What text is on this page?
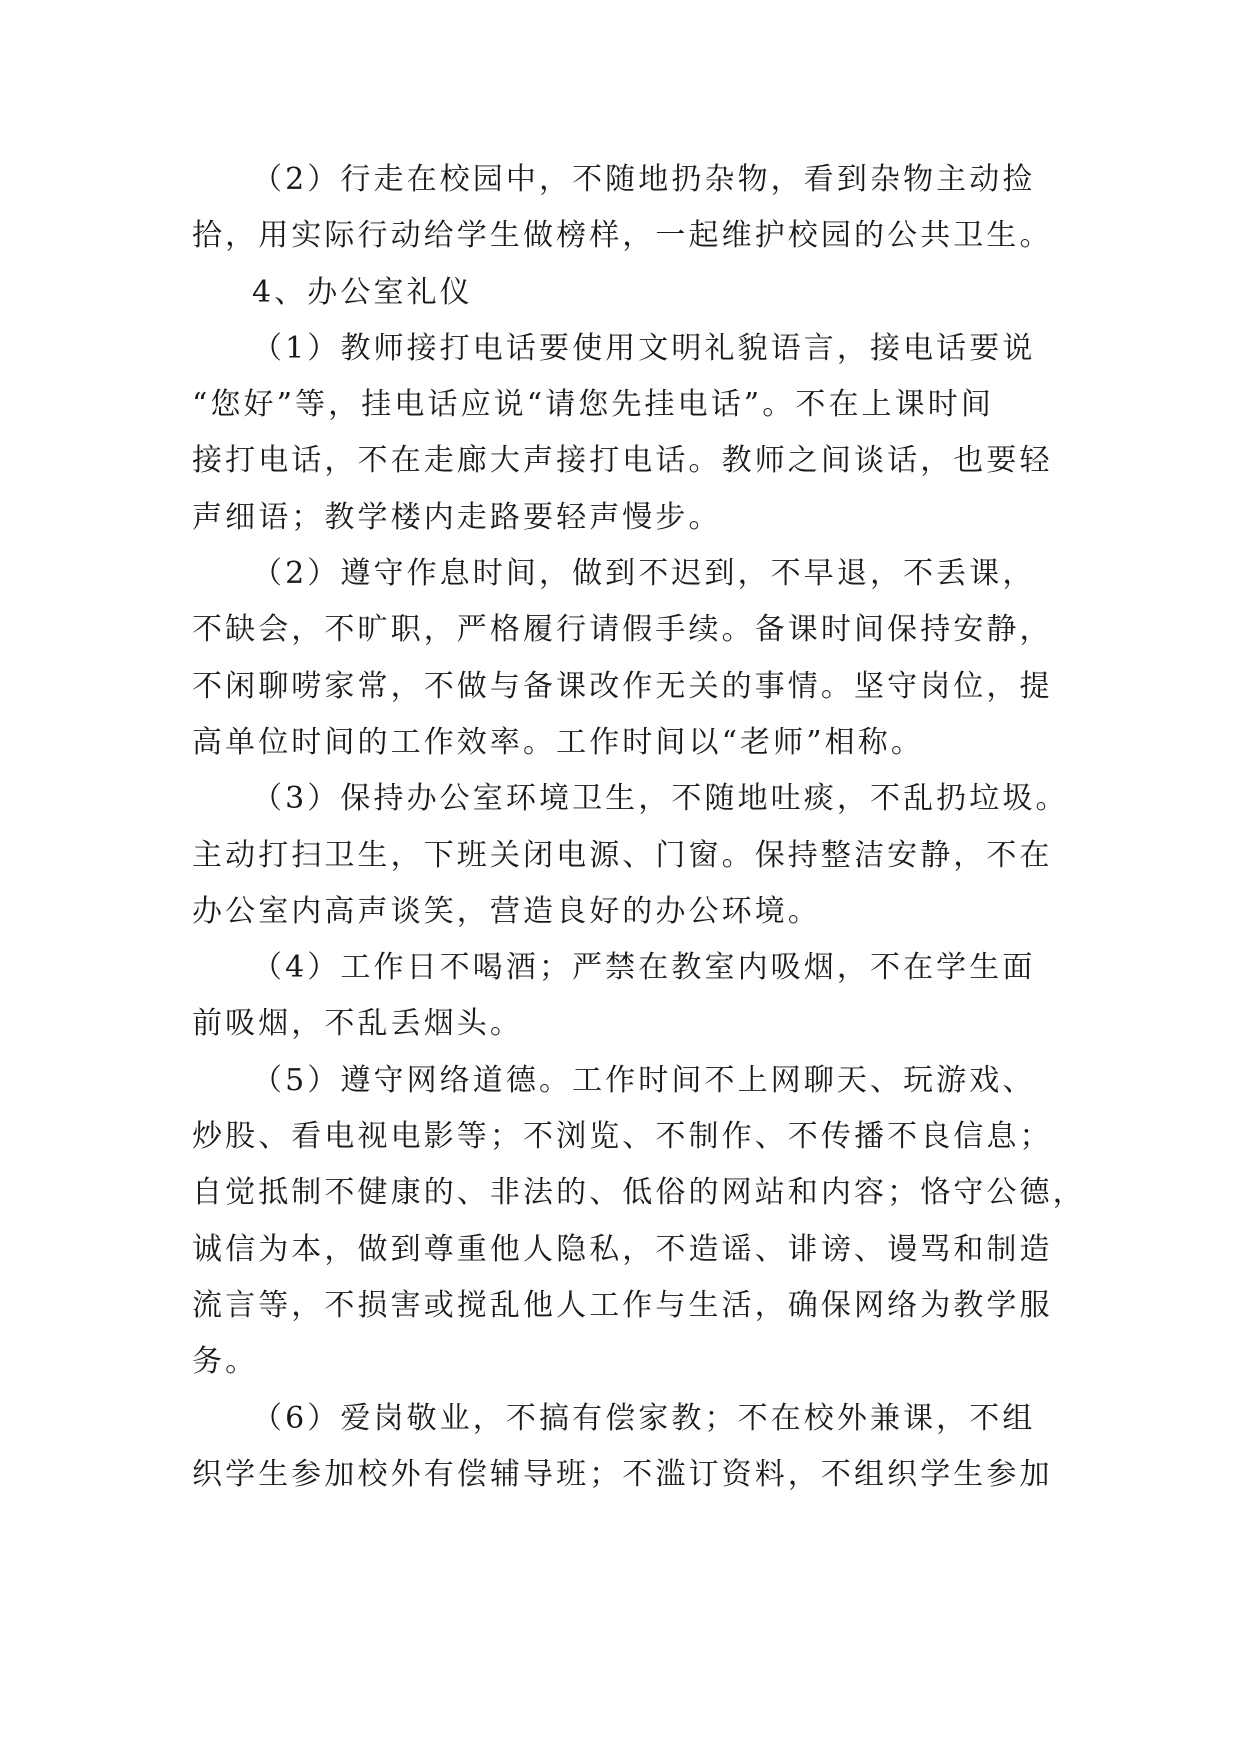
（2）行走在校园中，不随地扔杂物，看到杂物主动捡
拾，用实际行动给学生做榜样，一起维护校园的公共卫生。
4、办公室礼仪
（1）教师接打电话要使用文明礼貌语言，接电话要说
“您好”等，挂电话应说“请您先挂电话”。不在上课时间
接打电话，不在走廊大声接打电话。教师之间谈话，也要轻
声细语；教学楼内走路要轻声慢步。
（2）遵守作息时间，做到不迟到，不早退，不丢课，
不缺会，不旷职，严格履行请假手续。备课时间保持安静，
不闲聊唠家常，不做与备课改作无关的事情。坚守岗位，提
高单位时间的工作效率。工作时间以“老师”相称。
（3）保持办公室环境卫生，不随地吐痰，不乱扔垃圾。
主动打扫卫生，下班关闭电源、门窗。保持整洁安静，不在
办公室内高声谈笑，营造良好的办公环境。
（4）工作日不喝酒；严禁在教室内吸烟，不在学生面
前吸烟，不乱丢烟头。
（5）遵守网络道德。工作时间不上网聊天、玩游戏、
炒股、看电视电影等；不浏览、不制作、不传播不良信息；
自觉抵制不健康的、非法的、低俗的网站和内容；恪守公德，
诚信为本，做到尊重他人隐私，不造谣、诽谤、谩骂和制造
流言等，不损害或搅乱他人工作与生活，确保网络为教学服
务。
（6）爱岗敬业，不搞有偿家教；不在校外兼课，不组
织学生参加校外有偿辅导班；不滥订资料，不组织学生参加
